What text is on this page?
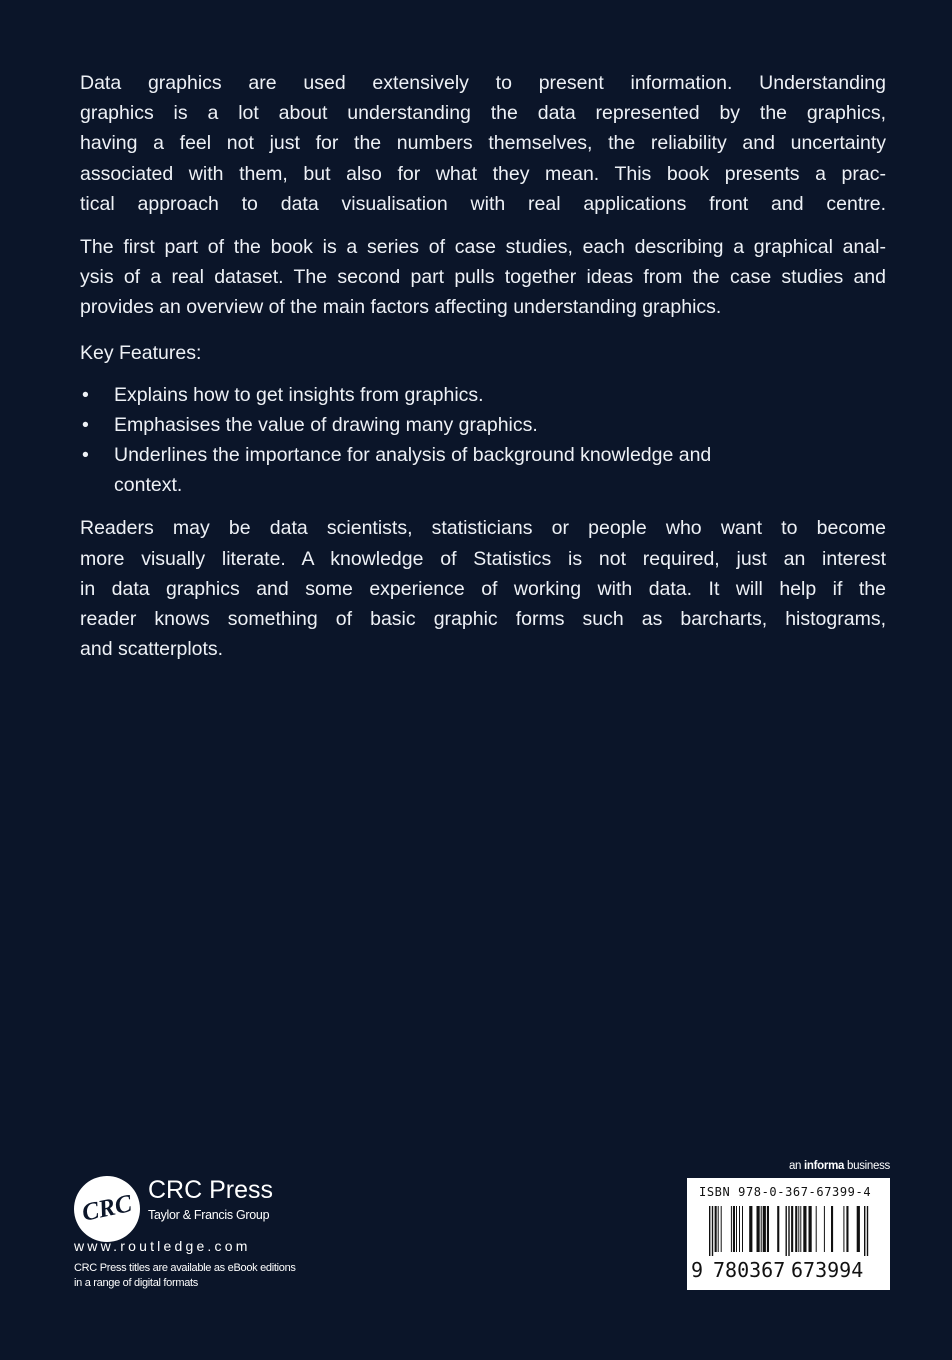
Data graphics are used extensively to present information. Understanding
graphics is a lot about understanding the data represented by the graphics,
having a feel not just for the numbers themselves, the reliability and uncertainty
associated with them, but also for what they mean. This book presents a prac-
tical approach to data visualisation with real applications front and centre.
The first part of the book is a series of case studies, each describing a graphical anal-
ysis of a real dataset. The second part pulls together ideas from the case studies and
provides an overview of the main factors affecting understanding graphics.
Key Features:
• Explains how to get insights from graphics.
• Emphasises the value of drawing many graphics.
• Underlines the importance for analysis of background knowledge and
context.
Readers may be data scientists, statisticians or people who want to become
more visually literate. A knowledge of Statistics is not required, just an interest
in data graphics and some experience of working with data. It will help if the
reader knows something of basic graphic forms such as barcharts, histograms,
and scatterplots.
CRC
CRC Press
Taylor & Francis Group
www.routledge.com
CRC Press titles are available as eBook editions
in a range of digital formats
an informa business
ISBN 978-0-367-67399-4
9 780367 673994
